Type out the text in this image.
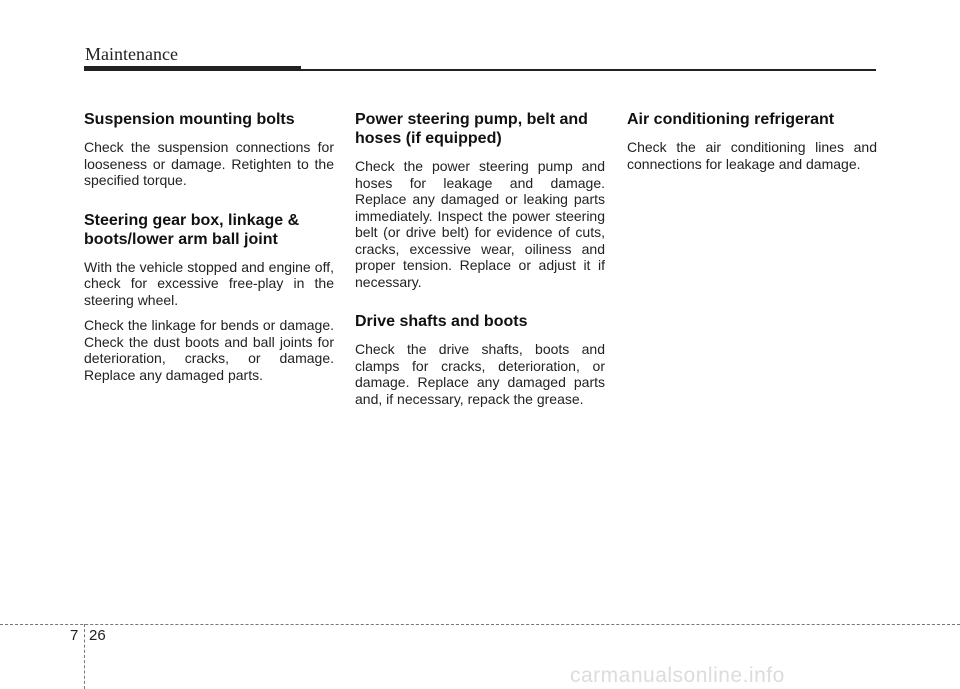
Maintenance
Suspension mounting bolts

Check the suspension connections for looseness or damage. Retighten to the specified torque.

Steering gear box, linkage & boots/lower arm ball joint

With the vehicle stopped and engine off, check for excessive free-play in the steering wheel.

Check the linkage for bends or damage. Check the dust boots and ball joints for deterioration, cracks, or damage. Replace any damaged parts.

Power steering pump, belt and hoses (if equipped)

Check the power steering pump and hoses for leakage and damage. Replace any damaged or leaking parts immediately. Inspect the power steering belt (or drive belt) for evidence of cuts, cracks, excessive wear, oiliness and proper tension. Replace or adjust it if necessary.

Drive shafts and boots

Check the drive shafts, boots and clamps for cracks, deterioration, or damage. Replace any damaged parts and, if necessary, repack the grease.

Air conditioning refrigerant

Check the air conditioning lines and connections for leakage and damage.

7 26
carmanualsonline.info
